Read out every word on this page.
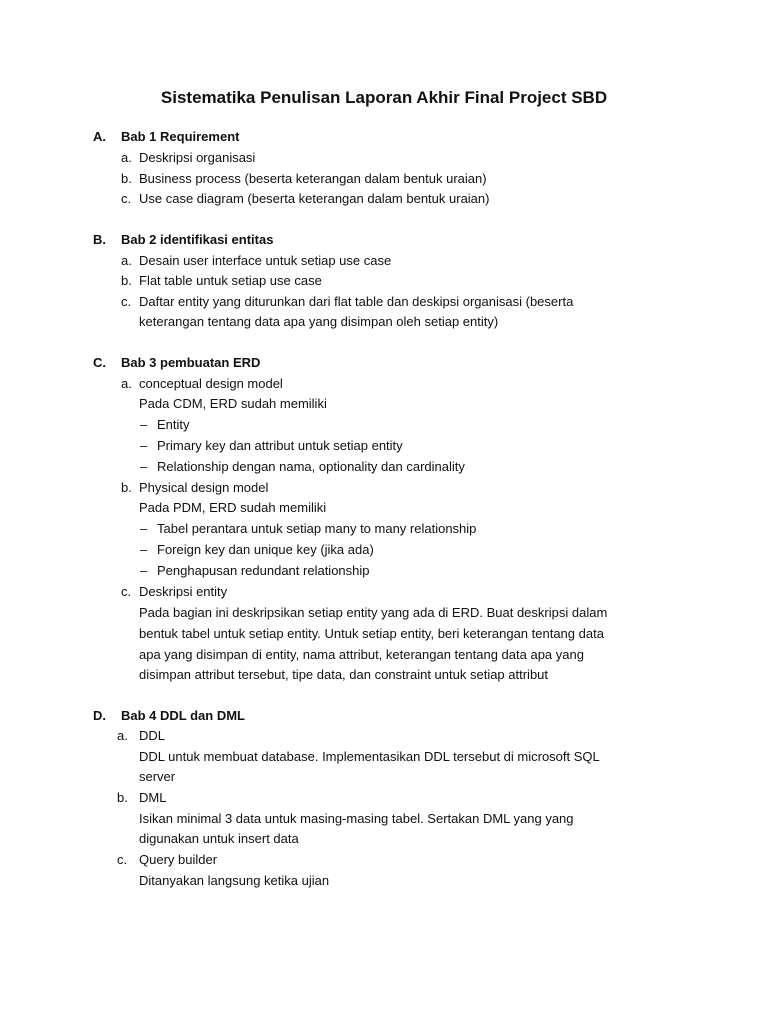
Sistematika Penulisan Laporan Akhir Final Project SBD
A. Bab 1 Requirement
a. Deskripsi organisasi
b. Business process (beserta keterangan dalam bentuk uraian)
c. Use case diagram (beserta keterangan dalam bentuk uraian)
B. Bab 2 identifikasi entitas
a. Desain user interface untuk setiap use case
b. Flat table untuk setiap use case
c. Daftar entity yang diturunkan dari flat table dan deskipsi organisasi (beserta
keterangan tentang data apa yang disimpan oleh setiap entity)
C. Bab 3 pembuatan ERD
a. conceptual design model
Pada CDM, ERD sudah memiliki
– Entity
– Primary key dan attribut untuk setiap entity
– Relationship dengan nama, optionality dan cardinality
b. Physical design model
Pada PDM, ERD sudah memiliki
– Tabel perantara untuk setiap many to many relationship
– Foreign key dan unique key (jika ada)
– Penghapusan redundant relationship
c. Deskripsi entity
Pada bagian ini deskripsikan setiap entity yang ada di ERD. Buat deskripsi dalam
bentuk tabel untuk setiap entity. Untuk setiap entity, beri keterangan tentang data
apa yang disimpan di entity, nama attribut, keterangan tentang data apa yang
disimpan attribut tersebut, tipe data, dan constraint untuk setiap attribut
D. Bab 4 DDL dan DML
a. DDL
DDL untuk membuat database. Implementasikan DDL tersebut di microsoft SQL
server
b. DML
Isikan minimal 3 data untuk masing-masing tabel. Sertakan DML yang yang
digunakan untuk insert data
c. Query builder
Ditanyakan langsung ketika ujian
